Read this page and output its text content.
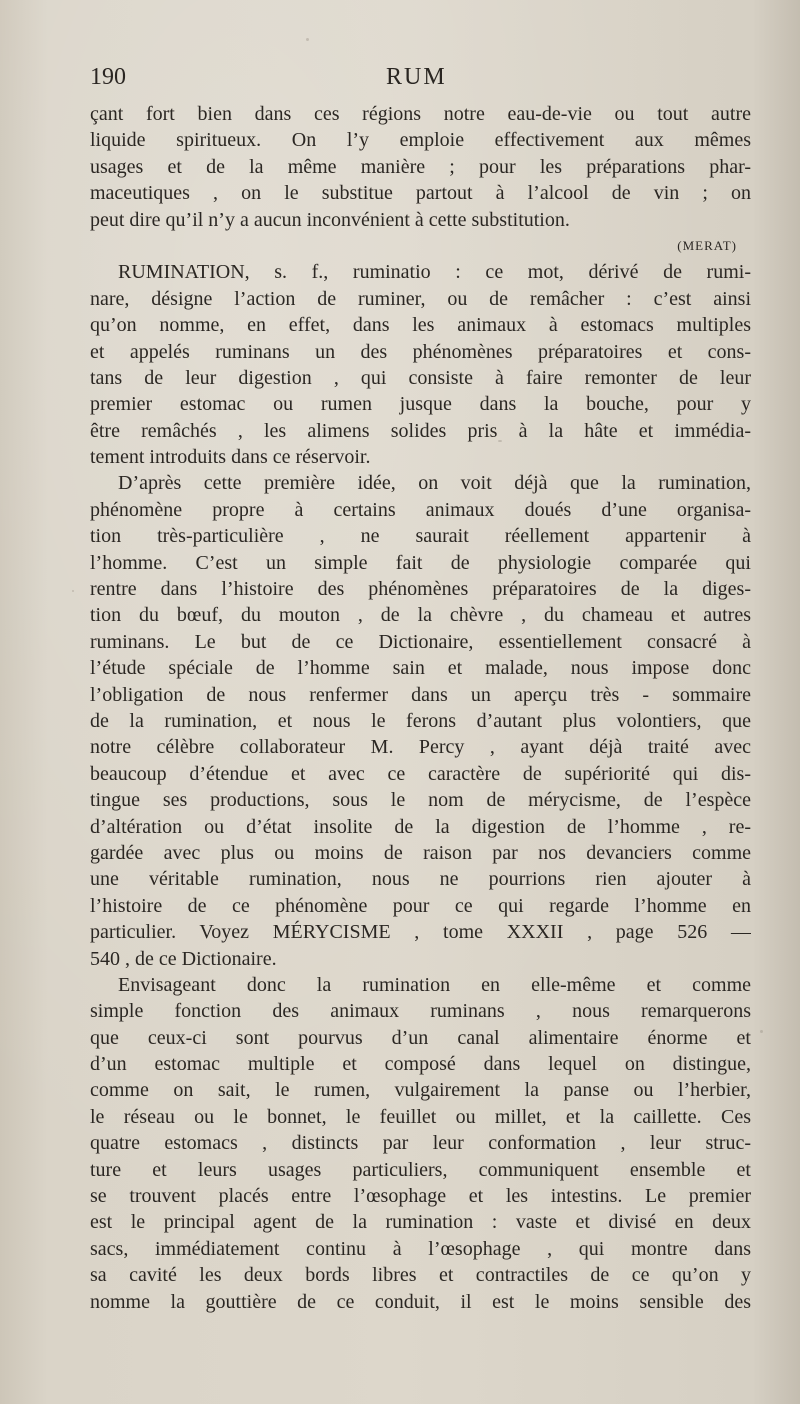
190	RUM
çant fort bien dans ces régions notre eau-de-vie ou tout autre
liquide spiritueux. On l’y emploie effectivement aux mêmes
usages et de la même manière ; pour les préparations phar-
maceutiques , on le substitue partout à l’alcool de vin ; on
peut dire qu’il n’y a aucun inconvénient à cette substitution.
(MERAT)
RUMINATION, s. f., ruminatio : ce mot, dérivé de rumi-
nare, désigne l’action de ruminer, ou de remâcher : c’est ainsi
qu’on nomme, en effet, dans les animaux à estomacs multiples
et appelés ruminans un des phénomènes préparatoires et cons-
tans de leur digestion , qui consiste à faire remonter de leur
premier estomac ou rumen jusque dans la bouche, pour y
être remâchés , les alimens solides pris à la hâte et immédia-
tement introduits dans ce réservoir.
D’après cette première idée, on voit déjà que la rumination,
phénomène propre à certains animaux doués d’une organisa-
tion très-particulière , ne saurait réellement appartenir à
l’homme. C’est un simple fait de physiologie comparée qui
rentre dans l’histoire des phénomènes préparatoires de la diges-
tion du bœuf, du mouton , de la chèvre , du chameau et autres
ruminans. Le but de ce Dictionaire, essentiellement consacré à
l’étude spéciale de l’homme sain et malade, nous impose donc
l’obligation de nous renfermer dans un aperçu très - sommaire
de la rumination, et nous le ferons d’autant plus volontiers, que
notre célèbre collaborateur M. Percy , ayant déjà traité avec
beaucoup d’étendue et avec ce caractère de supériorité qui dis-
tingue ses productions, sous le nom de mérycisme, de l’espèce
d’altération ou d’état insolite de la digestion de l’homme , re-
gardée avec plus ou moins de raison par nos devanciers comme
une véritable rumination, nous ne pourrions rien ajouter à
l’histoire de ce phénomène pour ce qui regarde l’homme en
particulier. Voyez MÉRYCISME , tome XXXII , page 526 —
540 , de ce Dictionaire.
Envisageant donc la rumination en elle-même et comme
simple fonction des animaux ruminans , nous remarquerons
que ceux-ci sont pourvus d’un canal alimentaire énorme et
d’un estomac multiple et composé dans lequel on distingue,
comme on sait, le rumen, vulgairement la panse ou l’herbier,
le réseau ou le bonnet, le feuillet ou millet, et la caillette. Ces
quatre estomacs , distincts par leur conformation , leur struc-
ture et leurs usages particuliers, communiquent ensemble et
se trouvent placés entre l’œsophage et les intestins. Le premier
est le principal agent de la rumination : vaste et divisé en deux
sacs, immédiatement continu à l’œsophage , qui montre dans
sa cavité les deux bords libres et contractiles de ce qu’on y
nomme la gouttière de ce conduit, il est le moins sensible des
